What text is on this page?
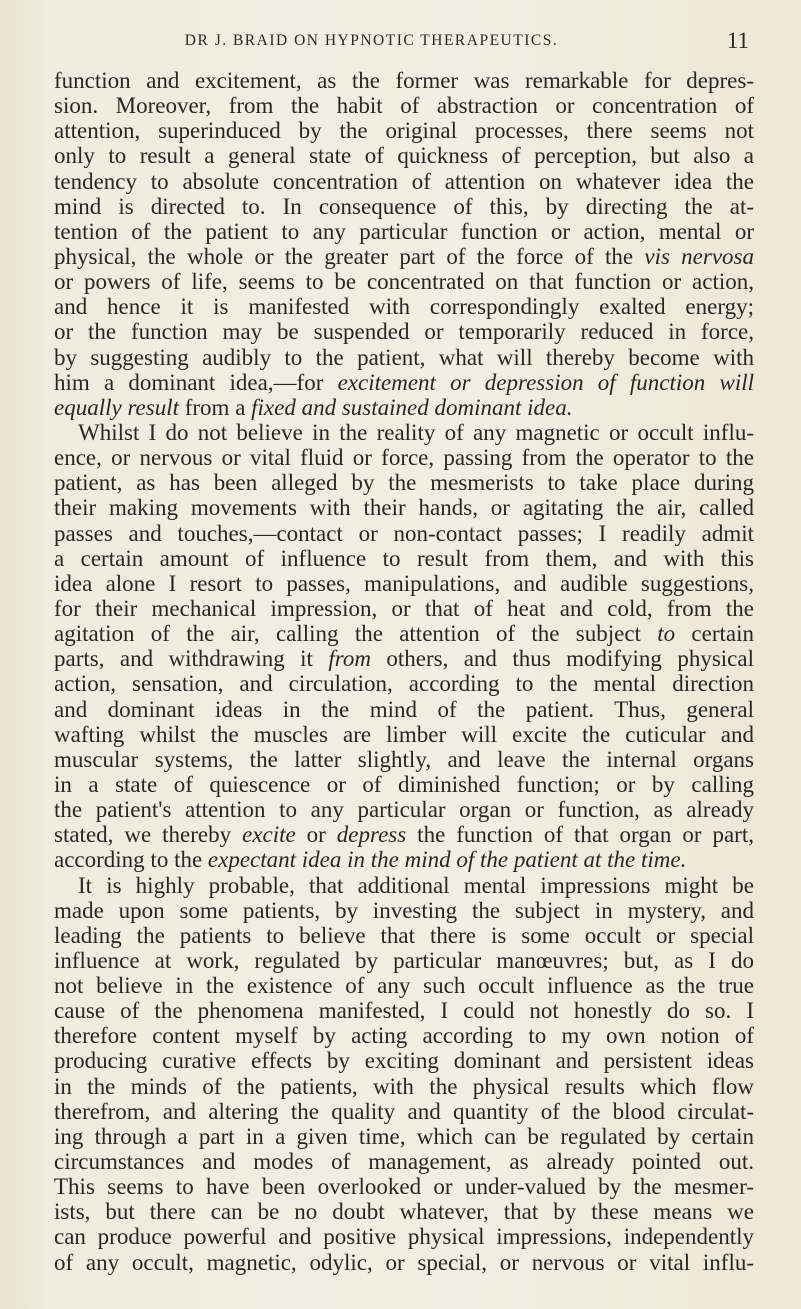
DR J. BRAID ON HYPNOTIC THERAPEUTICS.	11
function and excitement, as the former was remarkable for depres-
sion. Moreover, from the habit of abstraction or concentration of
attention, superinduced by the original processes, there seems not
only to result a general state of quickness of perception, but also a
tendency to absolute concentration of attention on whatever idea the
mind is directed to. In consequence of this, by directing the at-
tention of the patient to any particular function or action, mental or
physical, the whole or the greater part of the force of the vis nervosa
or powers of life, seems to be concentrated on that function or action,
and hence it is manifested with correspondingly exalted energy;
or the function may be suspended or temporarily reduced in force,
by suggesting audibly to the patient, what will thereby become with
him a dominant idea,—for excitement or depression of function will
equally result from a fixed and sustained dominant idea.
Whilst I do not believe in the reality of any magnetic or occult influ-
ence, or nervous or vital fluid or force, passing from the operator to the
patient, as has been alleged by the mesmerists to take place during
their making movements with their hands, or agitating the air, called
passes and touches,—contact or non-contact passes; I readily admit
a certain amount of influence to result from them, and with this
idea alone I resort to passes, manipulations, and audible suggestions,
for their mechanical impression, or that of heat and cold, from the
agitation of the air, calling the attention of the subject to certain
parts, and withdrawing it from others, and thus modifying physical
action, sensation, and circulation, according to the mental direction
and dominant ideas in the mind of the patient. Thus, general
wafting whilst the muscles are limber will excite the cuticular and
muscular systems, the latter slightly, and leave the internal organs
in a state of quiescence or of diminished function; or by calling
the patient's attention to any particular organ or function, as already
stated, we thereby excite or depress the function of that organ or part,
according to the expectant idea in the mind of the patient at the time.
It is highly probable, that additional mental impressions might be
made upon some patients, by investing the subject in mystery, and
leading the patients to believe that there is some occult or special
influence at work, regulated by particular manœuvres; but, as I do
not believe in the existence of any such occult influence as the true
cause of the phenomena manifested, I could not honestly do so. I
therefore content myself by acting according to my own notion of
producing curative effects by exciting dominant and persistent ideas
in the minds of the patients, with the physical results which flow
therefrom, and altering the quality and quantity of the blood circulat-
ing through a part in a given time, which can be regulated by certain
circumstances and modes of management, as already pointed out.
This seems to have been overlooked or under-valued by the mesmer-
ists, but there can be no doubt whatever, that by these means we
can produce powerful and positive physical impressions, independently
of any occult, magnetic, odylic, or special, or nervous or vital influ-
